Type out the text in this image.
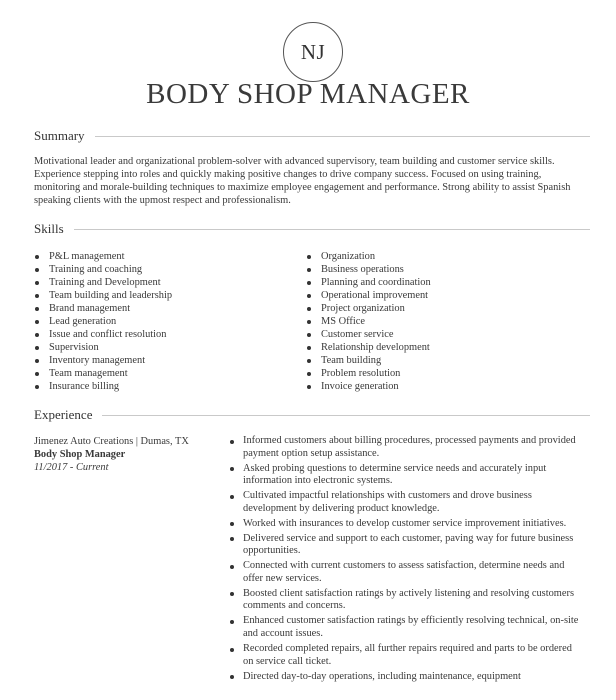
NJ
BODY SHOP MANAGER
Summary

Motivational leader and organizational problem-solver with advanced supervisory, team building and customer service skills. Experience stepping into roles and quickly making positive changes to drive company success. Focused on using training, monitoring and morale-building techniques to maximize employee engagement and performance. Strong ability to assist Spanish speaking clients with the upmost respect and professionalism.

Skills
P&L management
Training and coaching
Training and Development
Team building and leadership
Brand management
Lead generation
Issue and conflict resolution
Supervision
Inventory management
Team management
Insurance billing
Organization
Business operations
Planning and coordination
Operational improvement
Project organization
MS Office
Customer service
Relationship development
Team building
Problem resolution
Invoice generation
Experience
Jimenez Auto Creations | Dumas, TX
Body Shop Manager
11/2017 - Current
Informed customers about billing procedures, processed payments and provided payment option setup assistance.
Asked probing questions to determine service needs and accurately input information into electronic systems.
Cultivated impactful relationships with customers and drove business development by delivering product knowledge.
Worked with insurances to develop customer service improvement initiatives.
Delivered service and support to each customer, paving way for future business opportunities.
Connected with current customers to assess satisfaction, determine needs and offer new services.
Boosted client satisfaction ratings by actively listening and resolving customers comments and concerns.
Enhanced customer satisfaction ratings by efficiently resolving technical, on-site and account issues.
Recorded completed repairs, all further repairs required and parts to be ordered on service call ticket.
Directed day-to-day operations, including maintenance, equipment
